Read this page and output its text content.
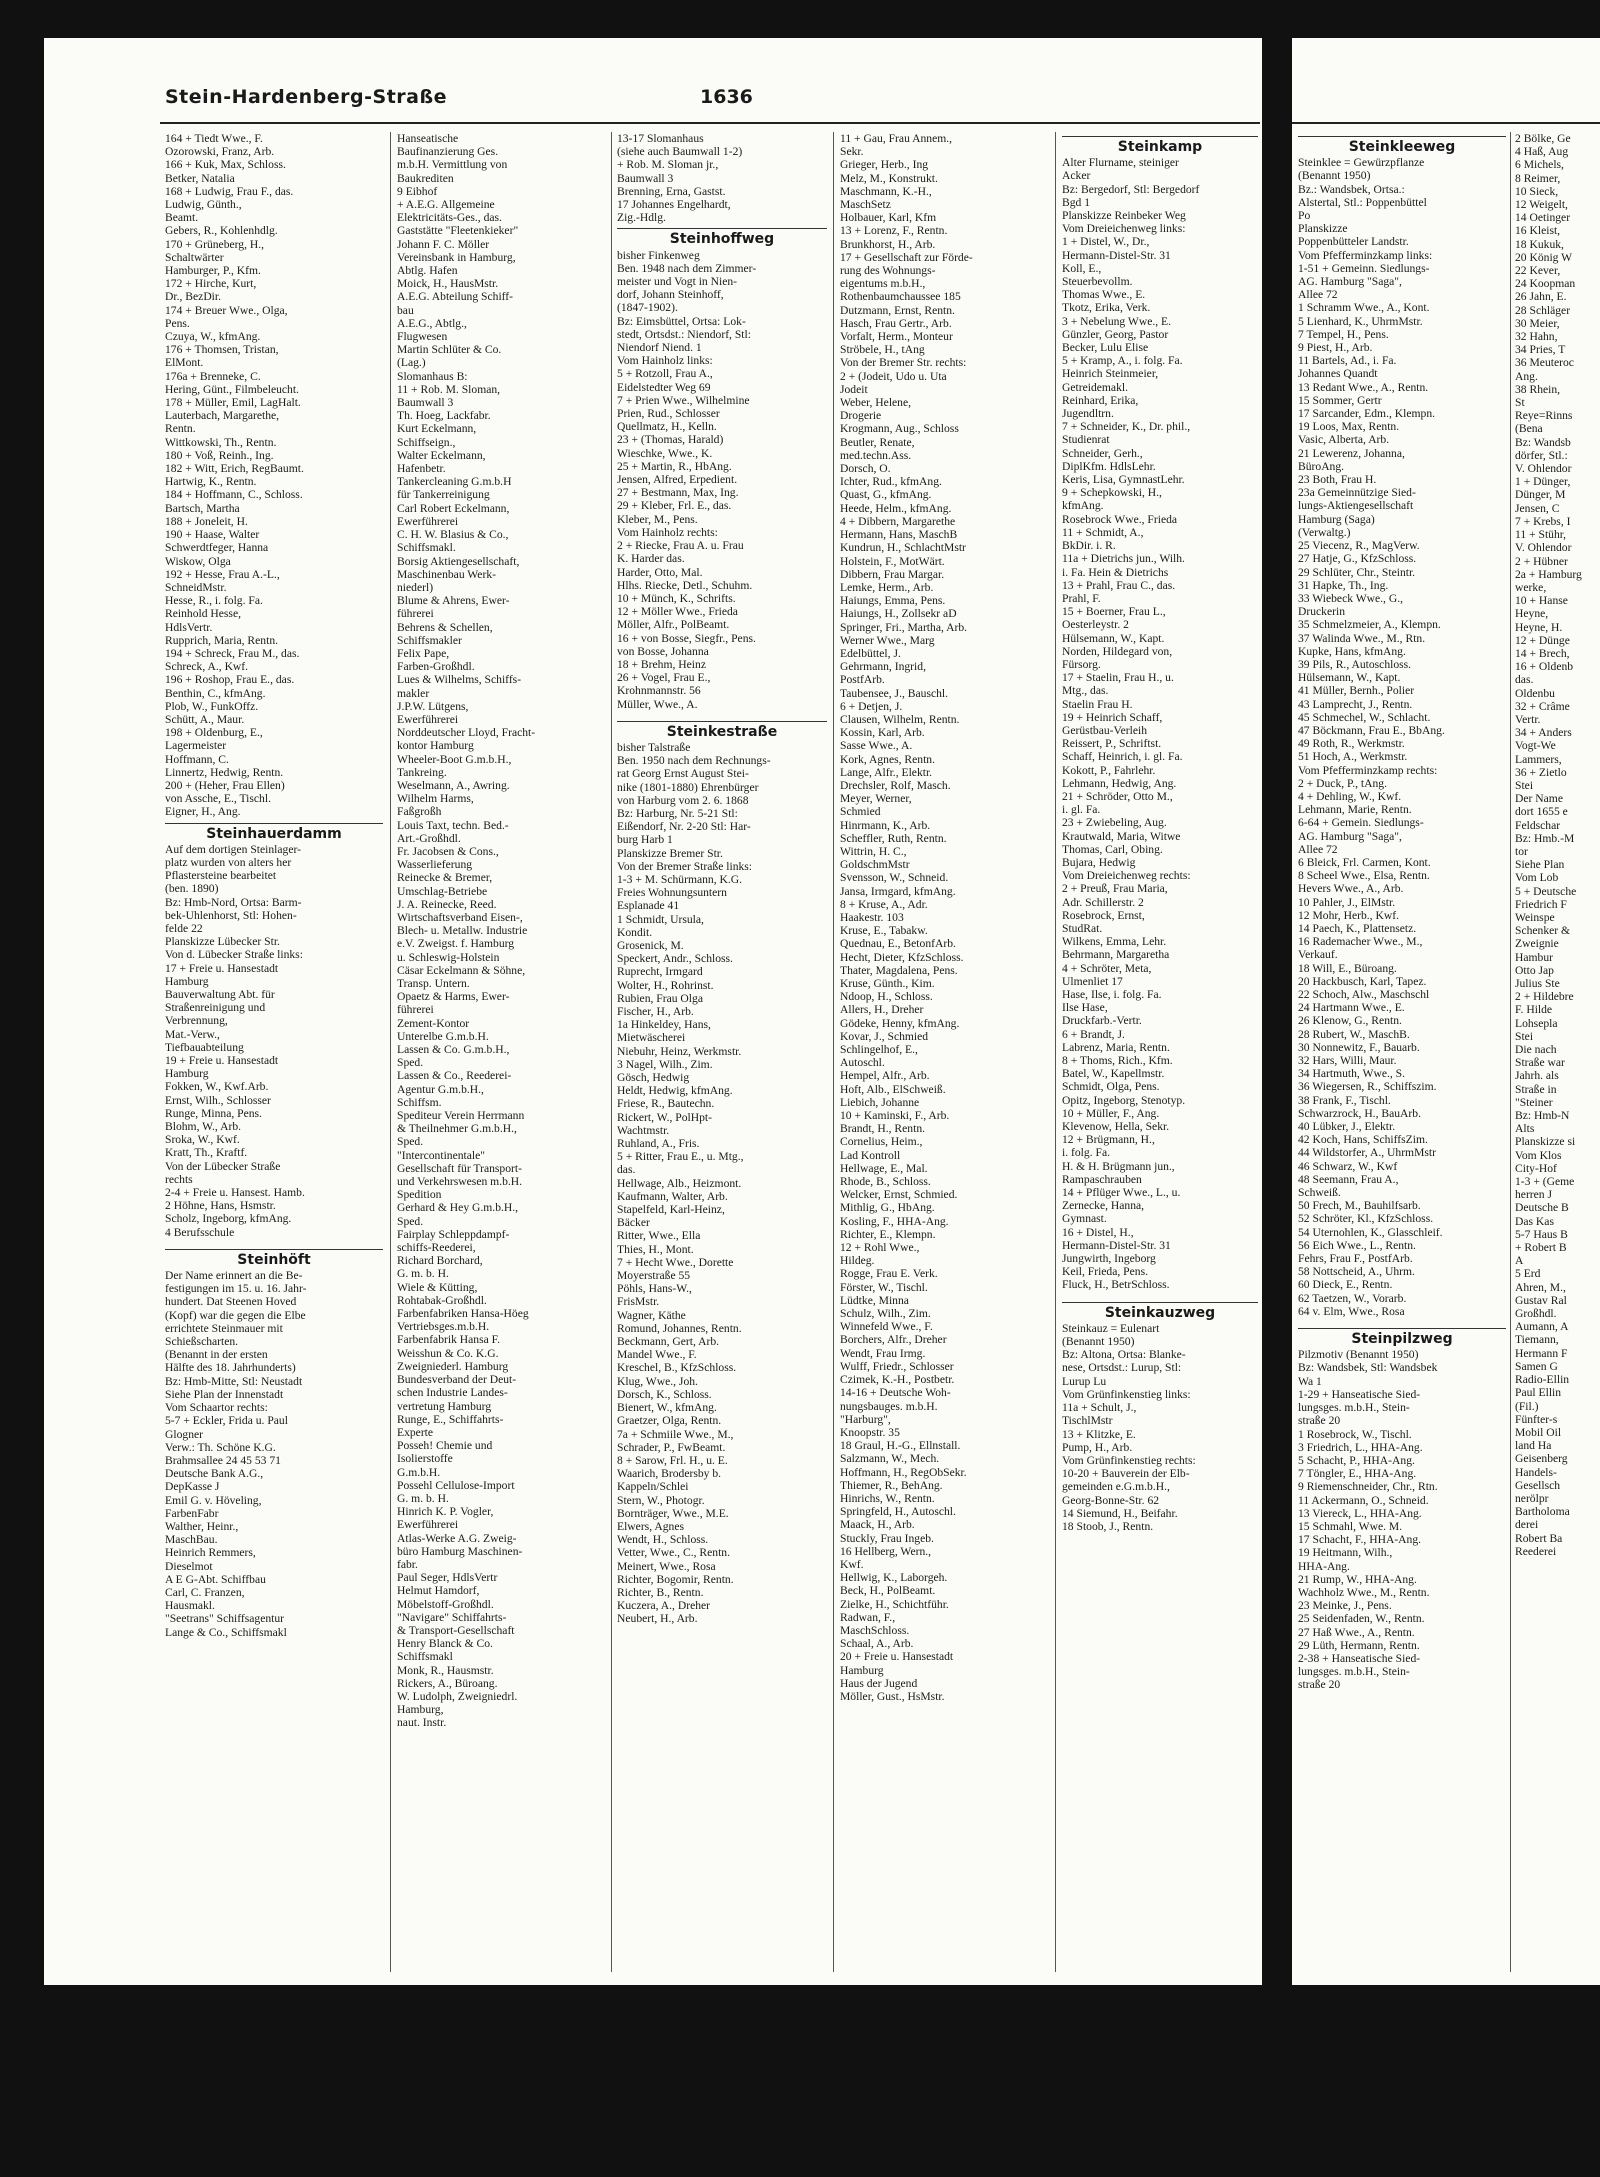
Stein-Hardenberg-Straße	1636
164 + Tiedt Wwe., F.
Ozorowski, Franz, Arb.
166 + Kuk, Max, Schloss.
Betker, Natalia
168 + Ludwig, Frau F., das.
Ludwig, Günth.,
Beamt.
Gebers, R., Kohlenhdlg.
170 + Grüneberg, H.,
Schaltwärter
Hamburger, P., Kfm.
172 + Hirche, Kurt,
Dr., BezDir.
174 + Breuer Wwe., Olga,
Pens.
Czuya, W., kfmAng.
176 + Thomsen, Tristan,
ElMont.
176a + Brenneke, C.
Hering, Günt., Filmbeleucht.
178 + Müller, Emil, LagHalt.
Lauterbach, Margarethe,
Rentn.
Wittkowski, Th., Rentn.
180 + Voß, Reinh., Ing.
182 + Witt, Erich, RegBaumt.
Hartwig, K., Rentn.
184 + Hoffmann, C., Schloss.
Bartsch, Martha
188 + Joneleit, H.
190 + Haase, Walter
Schwerdtfeger, Hanna
Wiskow, Olga
192 + Hesse, Frau A.-L.,
SchneidMstr.
Hesse, R., i. folg. Fa.
Reinhold Hesse,
HdlsVertr.
Rupprich, Maria, Rentn.
194 + Schreck, Frau M., das.
Schreck, A., Kwf.
196 + Roshop, Frau E., das.
Benthin, C., kfmAng.
Plob, W., FunkOffz.
Schütt, A., Maur.
198 + Oldenburg, E.,
Lagermeister
Hoffmann, C.
Linnertz, Hedwig, Rentn.
200 + (Heher, Frau Ellen)
von Assche, E., Tischl.
Eigner, H., Ang.
Steinhauerdamm
Auf dem dortigen Steinlager-
platz wurden von alters her
Pflastersteine bearbeitet
(ben. 1890)
Bz: Hmb-Nord, Ortsa: Barm-
bek-Uhlenhorst, Stl: Hohen-
felde 22
Planskizze Lübecker Str.
Von d. Lübecker Straße links:
17 + Freie u. Hansestadt
Hamburg
Bauverwaltung Abt. für
Straßenreinigung und
Verbrennung,
Mat.-Verw.,
Tiefbauabteilung
19 + Freie u. Hansestadt
Hamburg
Fokken, W., Kwf.Arb.
Ernst, Wilh., Schlosser
Runge, Minna, Pens.
Blohm, W., Arb.
Sroka, W., Kwf.
Kratt, Th., Kraftf.
Von der Lübecker Straße
rechts
2-4 + Freie u. Hansest. Hamb.
2 Höhne, Hans, Hsmstr.
Scholz, Ingeborg, kfmAng.
4 Berufsschule
Steinhöft
Der Name erinnert an die Be-
festigungen im 15. u. 16. Jahr-
hundert. Dat Steenen Hoved
(Kopf) war die gegen die Elbe
errichtete Steinmauer mit
Schießscharten.
(Benannt in der ersten
Hälfte des 18. Jahrhunderts)
Bz: Hmb-Mitte, Stl: Neustadt
Siehe Plan der Innenstadt
Vom Schaartor rechts:
5-7 + Eckler, Frida u. Paul
Glogner
Verw.: Th. Schöne K.G.
Brahmsallee 24 45 53 71
Deutsche Bank A.G.,
DepKasse J
Emil G. v. Höveling,
FarbenFabr
Walther, Heinr.,
MaschBau.
Heinrich Remmers,
Dieselmot
A E G-Abt. Schiffbau
Carl, C. Franzen,
Hausmakl.
"Seetrans" Schiffsagentur
Lange & Co., Schiffsmakl
Hanseatische
Baufinanzierung Ges.
m.b.H. Vermittlung von
Baukrediten
9 Eibhof
+ A.E.G. Allgemeine
Elektricitäts-Ges., das.
Gaststätte "Fleetenkieker"
Johann F. C. Möller
Vereinsbank in Hamburg,
Abtlg. Hafen
Moick, H., HausMstr.
A.E.G. Abteilung Schiff-
bau
A.E.G., Abtlg.,
Flugwesen
Martin Schlüter & Co.
(Lag.)
Slomanhaus B:
11 + Rob. M. Sloman,
Baumwall 3
Th. Hoeg, Lackfabr.
Kurt Eckelmann,
Schiffseign.,
Walter Eckelmann,
Hafenbetr.
Tankercleaning G.m.b.H
für Tankerreinigung
Carl Robert Eckelmann,
Ewerführerei
C. H. W. Blasius & Co.,
Schiffsmakl.
Borsig Aktiengesellschaft,
Maschinenbau Werk-
niederl)
Blume & Ahrens, Ewer-
führerei
Behrens & Schellen,
Schiffsmakler
Felix Pape,
Farben-Großhdl.
Lues & Wilhelms, Schiffs-
makler
J.P.W. Lütgens,
Ewerführerei
Norddeutscher Lloyd, Fracht-
kontor Hamburg
Wheeler-Boot G.m.b.H.,
Tankreing.
Weselmann, A., Awring.
Wilhelm Harms,
Faßgroßh
Louis Taxt, techn. Bed.-
Art.-Großhdl.
Fr. Jacobsen & Cons.,
Wasserlieferung
Reinecke & Bremer,
Umschlag-Betriebe
J. A. Reinecke, Reed.
Wirtschaftsverband Eisen-,
Blech- u. Metallw. Industrie
e.V. Zweigst. f. Hamburg
u. Schleswig-Holstein
Cäsar Eckelmann & Söhne,
Transp. Untern.
Opaetz & Harms, Ewer-
führerei
Zement-Kontor
Unterelbe G.m.b.H.
Lassen & Co. G.m.b.H.,
Sped.
Lassen & Co., Reederei-
Agentur G.m.b.H.,
Schiffsm.
Spediteur Verein Herrmann
& Theilnehmer G.m.b.H.,
Sped.
"Intercontinentale"
Gesellschaft für Transport-
und Verkehrswesen m.b.H.
Spedition
Gerhard & Hey G.m.b.H.,
Sped.
Fairplay Schleppdampf-
schiffs-Reederei,
Richard Borchard,
G. m. b. H.
Wiele & Kütting,
Rohtabak-Großhdl.
Farbenfabriken Hansa-Höeg
Vertriebsges.m.b.H.
Farbenfabrik Hansa F.
Weisshun & Co. K.G.
Zweigniederl. Hamburg
Bundesverband der Deut-
schen Industrie Landes-
vertretung Hamburg
Runge, E., Schiffahrts-
Experte
Posseh! Chemie und
Isolierstoffe
G.m.b.H.
Possehl Cellulose-Import
G. m. b. H.
Hinrich K. P. Vogler,
Ewerführerei
Atlas-Werke A.G. Zweig-
büro Hamburg Maschinen-
fabr.
Paul Seger, HdlsVertr
Helmut Hamdorf,
Möbelstoff-Großhdl.
"Navigare" Schiffahrts-
& Transport-Gesellschaft
Henry Blanck & Co.
Schiffsmakl
Monk, R., Hausmstr.
Rickers, A., Büroang.
W. Ludolph, Zweigniedrl.
Hamburg,
naut. Instr.
13-17 Slomanhaus
(siehe auch Baumwall 1-2)
+ Rob. M. Sloman jr.,
Baumwall 3
Brenning, Erna, Gastst.
17 Johannes Engelhardt,
Zig.-Hdlg.
Steinhoffweg
bisher Finkenweg
Ben. 1948 nach dem Zimmer-
meister und Vogt in Nien-
dorf, Johann Steinhoff,
(1847-1902).
Bz: Eimsbüttel, Ortsa: Lok-
stedt, Ortsdst.: Niendorf, Stl:
Niendorf Niend. 1
Vom Hainholz links:
5 + Rotzoll, Frau A.,
Eidelstedter Weg 69
7 + Prien Wwe., Wilhelmine
Prien, Rud., Schlosser
Quellmatz, H., Kelln.
23 + (Thomas, Harald)
Wieschke, Wwe., K.
25 + Martin, R., HbAng.
Jensen, Alfred, Erpedient.
27 + Bestmann, Max, Ing.
29 + Kleber, Frl. E., das.
Kleber, M., Pens.
Vom Hainholz rechts:
2 + Riecke, Frau A. u. Frau
K. Harder das.
Harder, Otto, Mal.
Hlhs. Riecke, Detl., Schuhm.
10 + Münch, K., Schrifts.
12 + Möller Wwe., Frieda
Möller, Alfr., PolBeamt.
16 + von Bosse, Siegfr., Pens.
von Bosse, Johanna
18 + Brehm, Heinz
26 + Vogel, Frau E.,
Krohnmannstr. 56
Müller, Wwe., A.
Steinkestraße
bisher Talstraße
Ben. 1950 nach dem Rechnungs-
rat Georg Ernst August Stei-
nike (1801-1880) Ehrenbürger
von Harburg vom 2. 6. 1868
Bz: Harburg, Nr. 5-21 Stl:
Eißendorf, Nr. 2-20 Stl: Har-
burg Harb 1
Planskizze Bremer Str.
Von der Bremer Straße links:
1-3 + M. Schürmann, K.G.
Freies Wohnungsuntern
Esplanade 41
1 Schmidt, Ursula,
Kondit.
Grosenick, M.
Speckert, Andr., Schloss.
Ruprecht, Irmgard
Wolter, H., Rohrinst.
Rubien, Frau Olga
Fischer, H., Arb.
1a Hinkeldey, Hans,
Mietwäscherei
Niebuhr, Heinz, Werkmstr.
3 Nagel, Wilh., Zim.
Gösch, Hedwig
Heldt, Hedwig, kfmAng.
Friese, R., Bautechn.
Rickert, W., PolHpt-
Wachtmstr.
Ruhland, A., Fris.
5 + Ritter, Frau E., u. Mtg.,
das.
Hellwage, Alb., Heizmont.
Kaufmann, Walter, Arb.
Stapelfeld, Karl-Heinz,
Bäcker
Ritter, Wwe., Ella
Thies, H., Mont.
7 + Hecht Wwe., Dorette
Moyerstraße 55
Pöhls, Hans-W.,
FrisMstr.
Wagner, Käthe
Romund, Johannes, Rentn.
Beckmann, Gert, Arb.
Mandel Wwe., F.
Kreschel, B., KfzSchloss.
Klug, Wwe., Joh.
Dorsch, K., Schloss.
Bienert, W., kfmAng.
Graetzer, Olga, Rentn.
7a + Schmiile Wwe., M.,
Schrader, P., FwBeamt.
8 + Sarow, Frl. H., u. E.
Waarich, Brodersby b.
Kappeln/Schlei
Stern, W., Photogr.
Bornträger, Wwe., M.E.
Elwers, Agnes
Wendt, H., Schloss.
Vetter, Wwe., C., Rentn.
Meinert, Wwe., Rosa
Richter, Bogomir, Rentn.
Richter, B., Rentn.
Kuczera, A., Dreher
Neubert, H., Arb.
11 + Gau, Frau Annem.,
Sekr.
Grieger, Herb., Ing
Melz, M., Konstrukt.
Maschmann, K.-H.,
MaschSetz
Holbauer, Karl, Kfm
13 + Lorenz, F., Rentn.
Brunkhorst, H., Arb.
17 + Gesellschaft zur Förde-
rung des Wohnungs-
eigentums m.b.H.,
Rothenbaumchaussee 185
Dutzmann, Ernst, Rentn.
Hasch, Frau Gertr., Arb.
Vorfalt, Herm., Monteur
Ströbele, H., tAng
Von der Bremer Str. rechts:
2 + (Jodeit, Udo u. Uta
Jodeit
Weber, Helene,
Drogerie
Krogmann, Aug., Schloss
Beutler, Renate,
med.techn.Ass.
Dorsch, O.
Ichter, Rud., kfmAng.
Quast, G., kfmAng.
Heede, Helm., kfmAng.
4 + Dibbern, Margarethe
Hermann, Hans, MaschB
Kundrun, H., SchlachtMstr
Holstein, F., MotWärt.
Dibbern, Frau Margar.
Lemke, Herm., Arb.
Haiungs, Emma, Pens.
Haiungs, H., Zollsekr aD
Springer, Fri., Martha, Arb.
Werner Wwe., Marg
Edelbüttel, J.
Gehrmann, Ingrid,
PostfArb.
Taubensee, J., Bauschl.
6 + Detjen, J.
Clausen, Wilhelm, Rentn.
Kossin, Karl, Arb.
Sasse Wwe., A.
Kork, Agnes, Rentn.
Lange, Alfr., Elektr.
Drechsler, Rolf, Masch.
Meyer, Werner,
Schmied
Hinrmann, K., Arb.
Scheffler, Ruth, Rentn.
Wittrin, H. C.,
GoldschmMstr
Svensson, W., Schneid.
Jansa, Irmgard, kfmAng.
8 + Kruse, A., Adr.
Haakestr. 103
Kruse, E., Tabakw.
Quednau, E., BetonfArb.
Hecht, Dieter, KfzSchloss.
Thater, Magdalena, Pens.
Kruse, Günth., Kim.
Ndoop, H., Schloss.
Allers, H., Dreher
Gödeke, Henny, kfmAng.
Kovar, J., Schmied
Schlingelhof, E.,
Autoschl.
Hempel, Alfr., Arb.
Hoft, Alb., ElSchweiß.
Liebich, Johanne
10 + Kaminski, F., Arb.
Brandt, H., Rentn.
Cornelius, Heim.,
Lad Kontroll
Hellwage, E., Mal.
Rhode, B., Schloss.
Welcker, Ernst, Schmied.
Mithlig, G., HbAng.
Kosling, F., HHA-Ang.
Richter, E., Klempn.
12 + Rohl Wwe.,
Hildeg.
Rogge, Frau E. Verk.
Förster, W., Tischl.
Lüdtke, Minna
Schulz, Wilh., Zim.
Winnefeld Wwe., F.
Borchers, Alfr., Dreher
Wendt, Frau Irmg.
Wulff, Friedr., Schlosser
Czimek, K.-H., Postbetr.
14-16 + Deutsche Woh-
nungsbauges. m.b.H.
"Harburg",
Knoopstr. 35
18 Graul, H.-G., Ellnstall.
Salzmann, W., Mech.
Hoffmann, H., RegObSekr.
Thiemer, R., BehAng.
Hinrichs, W., Rentn.
Springfeld, H., Autoschl.
Maack, H., Arb.
Stuckly, Frau Ingeb.
16 Hellberg, Wern.,
Kwf.
Hellwig, K., Laborgeh.
Beck, H., PolBeamt.
Zielke, H., Schichtführ.
Radwan, F.,
MaschSchloss.
Schaal, A., Arb.
20 + Freie u. Hansestadt
Hamburg
Haus der Jugend
Möller, Gust., HsMstr.
Steinkamp
Alter Flurname, steiniger
Acker
Bz: Bergedorf, Stl: Bergedorf
Bgd 1
Planskizze Reinbeker Weg
Vom Dreieichenweg links:
1 + Distel, W., Dr.,
Hermann-Distel-Str. 31
Koll, E.,
Steuerbevollm.
Thomas Wwe., E.
Tkotz, Erika, Verk.
3 + Nebelung Wwe., E.
Günzler, Georg, Pastor
Becker, Lulu Elise
5 + Kramp, A., i. folg. Fa.
Heinrich Steinmeier,
Getreidemakl.
Reinhard, Erika,
Jugendltrn.
7 + Schneider, K., Dr. phil.,
Studienrat
Schneider, Gerh.,
DiplKfm. HdlsLehr.
Keris, Lisa, GymnastLehr.
9 + Schepkowski, H.,
kfmAng.
Rosebrock Wwe., Frieda
11 + Schmidt, A.,
BkDir. i. R.
11a + Dietrichs jun., Wilh.
i. Fa. Hein & Dietrichs
13 + Prahl, Frau C., das.
Prahl, F.
15 + Boerner, Frau L.,
Oesterleystr. 2
Hülsemann, W., Kapt.
Norden, Hildegard von,
Fürsorg.
17 + Staelin, Frau H., u.
Mtg., das.
Staelin Frau H.
19 + Heinrich Schaff,
Gerüstbau-Verleih
Reissert, P., Schriftst.
Schaff, Heinrich, i. gl. Fa.
Kokott, P., Fahrlehr.
Lehmann, Hedwig, Ang.
21 + Schröder, Otto M.,
i. gl. Fa.
23 + Zwiebeling, Aug.
Krautwald, Maria, Witwe
Thomas, Carl, Obing.
Bujara, Hedwig
Vom Dreieichenweg rechts:
2 + Preuß, Frau Maria,
Adr. Schillerstr. 2
Rosebrock, Ernst,
StudRat.
Wilkens, Emma, Lehr.
Behrmann, Margaretha
4 + Schröter, Meta,
Ulmenliet 17
Hase, Ilse, i. folg. Fa.
Ilse Hase,
Druckfarb.-Vertr.
6 + Brandt, J.
Labrenz, Maria, Rentn.
8 + Thoms, Rich., Kfm.
Batel, W., Kapellmstr.
Schmidt, Olga, Pens.
Opitz, Ingeborg, Stenotyp.
10 + Müller, F., Ang.
Klevenow, Hella, Sekr.
12 + Brügmann, H.,
i. folg. Fa.
H. & H. Brügmann jun.,
Rampaschrauben
14 + Pflüger Wwe., L., u.
Zernecke, Hanna,
Gymnast.
16 + Distel, H.,
Hermann-Distel-Str. 31
Jungwirth, Ingeborg
Keil, Frieda, Pens.
Fluck, H., BetrSchloss.
Steinkauzweg
Steinkauz = Eulenart
(Benannt 1950)
Bz: Altona, Ortsa: Blanke-
nese, Ortsdst.: Lurup, Stl:
Lurup Lu
Vom Grünfinkenstieg links:
11a + Schult, J.,
TischlMstr
13 + Klitzke, E.
Pump, H., Arb.
Vom Grünfinkenstieg rechts:
10-20 + Bauverein der Elb-
gemeinden e.G.m.b.H.,
Georg-Bonne-Str. 62
14 Siemund, H., Beifahr.
18 Stoob, J., Rentn.
Steinkleeweg
Steinklee = Gewürzpflanze
(Benannt 1950)
Bz.: Wandsbek, Ortsa.:
Alstertal, Stl.: Poppenbüttel
Po
Planskizze
Poppenbütteler Landstr.
Vom Pfefferminzkamp links:
1-51 + Gemeinn. Siedlungs-
AG. Hamburg "Saga",
Allee 72
1 Schramm Wwe., A., Kont.
5 Lienhard, K., UhrmMstr.
7 Tempel, H., Pens.
9 Piest, H., Arb.
11 Bartels, Ad., i. Fa.
Johannes Quandt
13 Redant Wwe., A., Rentn.
15 Sommer, Gertr
17 Sarcander, Edm., Klempn.
19 Loos, Max, Rentn.
Vasic, Alberta, Arb.
21 Lewerenz, Johanna,
BüroAng.
23 Both, Frau H.
23a Gemeinnützige Sied-
lungs-Aktiengesellschaft
Hamburg (Saga)
(Verwaltg.)
25 Viecenz, R., MagVerw.
27 Hatje, G., KfzSchloss.
29 Schlüter, Chr., Steintr.
31 Hapke, Th., Ing.
33 Wiebeck Wwe., G.,
Druckerin
35 Schmelzmeier, A., Klempn.
37 Walinda Wwe., M., Rtn.
Kupke, Hans, kfmAng.
39 Pils, R., Autoschloss.
Hülsemann, W., Kapt.
41 Müller, Bernh., Polier
43 Lamprecht, J., Rentn.
45 Schmechel, W., Schlacht.
47 Böckmann, Frau E., BbAng.
49 Roth, R., Werkmstr.
51 Hoch, A., Werkmstr.
Vom Pfefferminzkamp rechts:
2 + Duck, P., tAng.
4 + Dehling, W., Kwf.
Lehmann, Marie, Rentn.
6-64 + Gemein. Siedlungs-
AG. Hamburg "Saga",
Allee 72
6 Bleick, Frl. Carmen, Kont.
8 Scheel Wwe., Elsa, Rentn.
Hevers Wwe., A., Arb.
10 Pahler, J., ElMstr.
12 Mohr, Herb., Kwf.
14 Paech, K., Plattensetz.
16 Rademacher Wwe., M.,
Verkauf.
18 Will, E., Büroang.
20 Hackbusch, Karl, Tapez.
22 Schoch, Alw., Maschschl
24 Hartmann Wwe., E.
26 Klenow, G., Rentn.
28 Rubert, W., MaschB.
30 Nonnewitz, F., Bauarb.
32 Hars, Willi, Maur.
34 Hartmuth, Wwe., S.
36 Wiegersen, R., Schiffszim.
38 Frank, F., Tischl.
Schwarzrock, H., BauArb.
40 Lübker, J., Elektr.
42 Koch, Hans, SchiffsZim.
44 Wildstorfer, A., UhrmMstr
46 Schwarz, W., Kwf
48 Seemann, Frau A.,
Schweiß.
50 Frech, M., Bauhilfsarb.
52 Schröter, Kl., KfzSchloss.
54 Uternohlen, K., Glasschleif.
56 Eich Wwe., L., Rentn.
Fehrs, Frau F., PostfArb.
58 Nottscheid, A., Uhrm.
60 Dieck, E., Rentn.
62 Taetzen, W., Vorarb.
64 v. Elm, Wwe., Rosa
Steinpilzweg
Pilzmotiv (Benannt 1950)
Bz: Wandsbek, Stl: Wandsbek
Wa 1
1-29 + Hanseatische Sied-
lungsges. m.b.H., Stein-
straße 20
1 Rosebrock, W., Tischl.
3 Friedrich, L., HHA-Ang.
5 Schacht, P., HHA-Ang.
7 Töngler, E., HHA-Ang.
9 Riemenschneider, Chr., Rtn.
11 Ackermann, O., Schneid.
13 Viereck, L., HHA-Ang.
15 Schmahl, Wwe. M.
17 Schacht, F., HHA-Ang.
19 Heitmann, Wilh.,
HHA-Ang.
21 Rump, W., HHA-Ang.
Wachholz Wwe., M., Rentn.
23 Meinke, J., Pens.
25 Seidenfaden, W., Rentn.
27 Haß Wwe., A., Rentn.
29 Lüth, Hermann, Rentn.
2-38 + Hanseatische Sied-
lungsges. m.b.H., Stein-
straße 20
2 Bölke, Ge
4 Haß, Aug
6 Michels,
8 Reimer,
10 Sieck,
12 Weigelt,
14 Oetinger
16 Kleist,
18 Kukuk,
20 König W
22 Kever,
24 Koopman
26 Jahn, E.
28 Schläger
30 Meier,
32 Hahn,
34 Pries, T
36 Meuteroc
Ang.
38 Rhein,
St
Reye=Rinns
(Bena
Bz: Wandsb
dörfer, Stl.:
V. Ohlendor
1 + Dünger,
Dünger, M
Jensen, C
7 + Krebs, I
11 + Stühr,
V. Ohlendor
2 + Hübner
2a + Hamburg
werke,
10 + Hanse
Heyne,
Heyne, H.
12 + Dünge
14 + Brech,
16 + Oldenb
das.
Oldenbu
32 + Crâme
Vertr.
34 + Anders
Vogt-We
Lammers,
36 + Zietlo
Stei
Der Name
dort 1655 e
Feldschar
Bz: Hmb.-M
tor
Siehe Plan
Vom Lob
5 + Deutsche
Friedrich F
Weinspe
Schenker &
Zweignie
Hambur
Otto Jap
Julius Ste
2 + Hildebre
F. Hilde
Lohsepla
Stei
Die nach
Straße war
Jahrh. als
Straße in
"Steiner
Bz: Hmb-N
Alts
Planskizze si
Vom Klos
City-Hof
1-3 + (Geme
herren J
Deutsche B
Das Kas
5-7 Haus B
+ Robert B
A
5 Erd
Ahren, M.,
Gustav Ral
Großhdl.
Aumann, A
Tiemann,
Hermann F
Samen G
Radio-Ellin
Paul Ellin
(Fil.)
Fünfter-s
Mobil Oil
land Ha
Geisenberg
Handels-
Gesellsch
nerölpr
Bartholoma
derei
Robert Ba
Reederei
